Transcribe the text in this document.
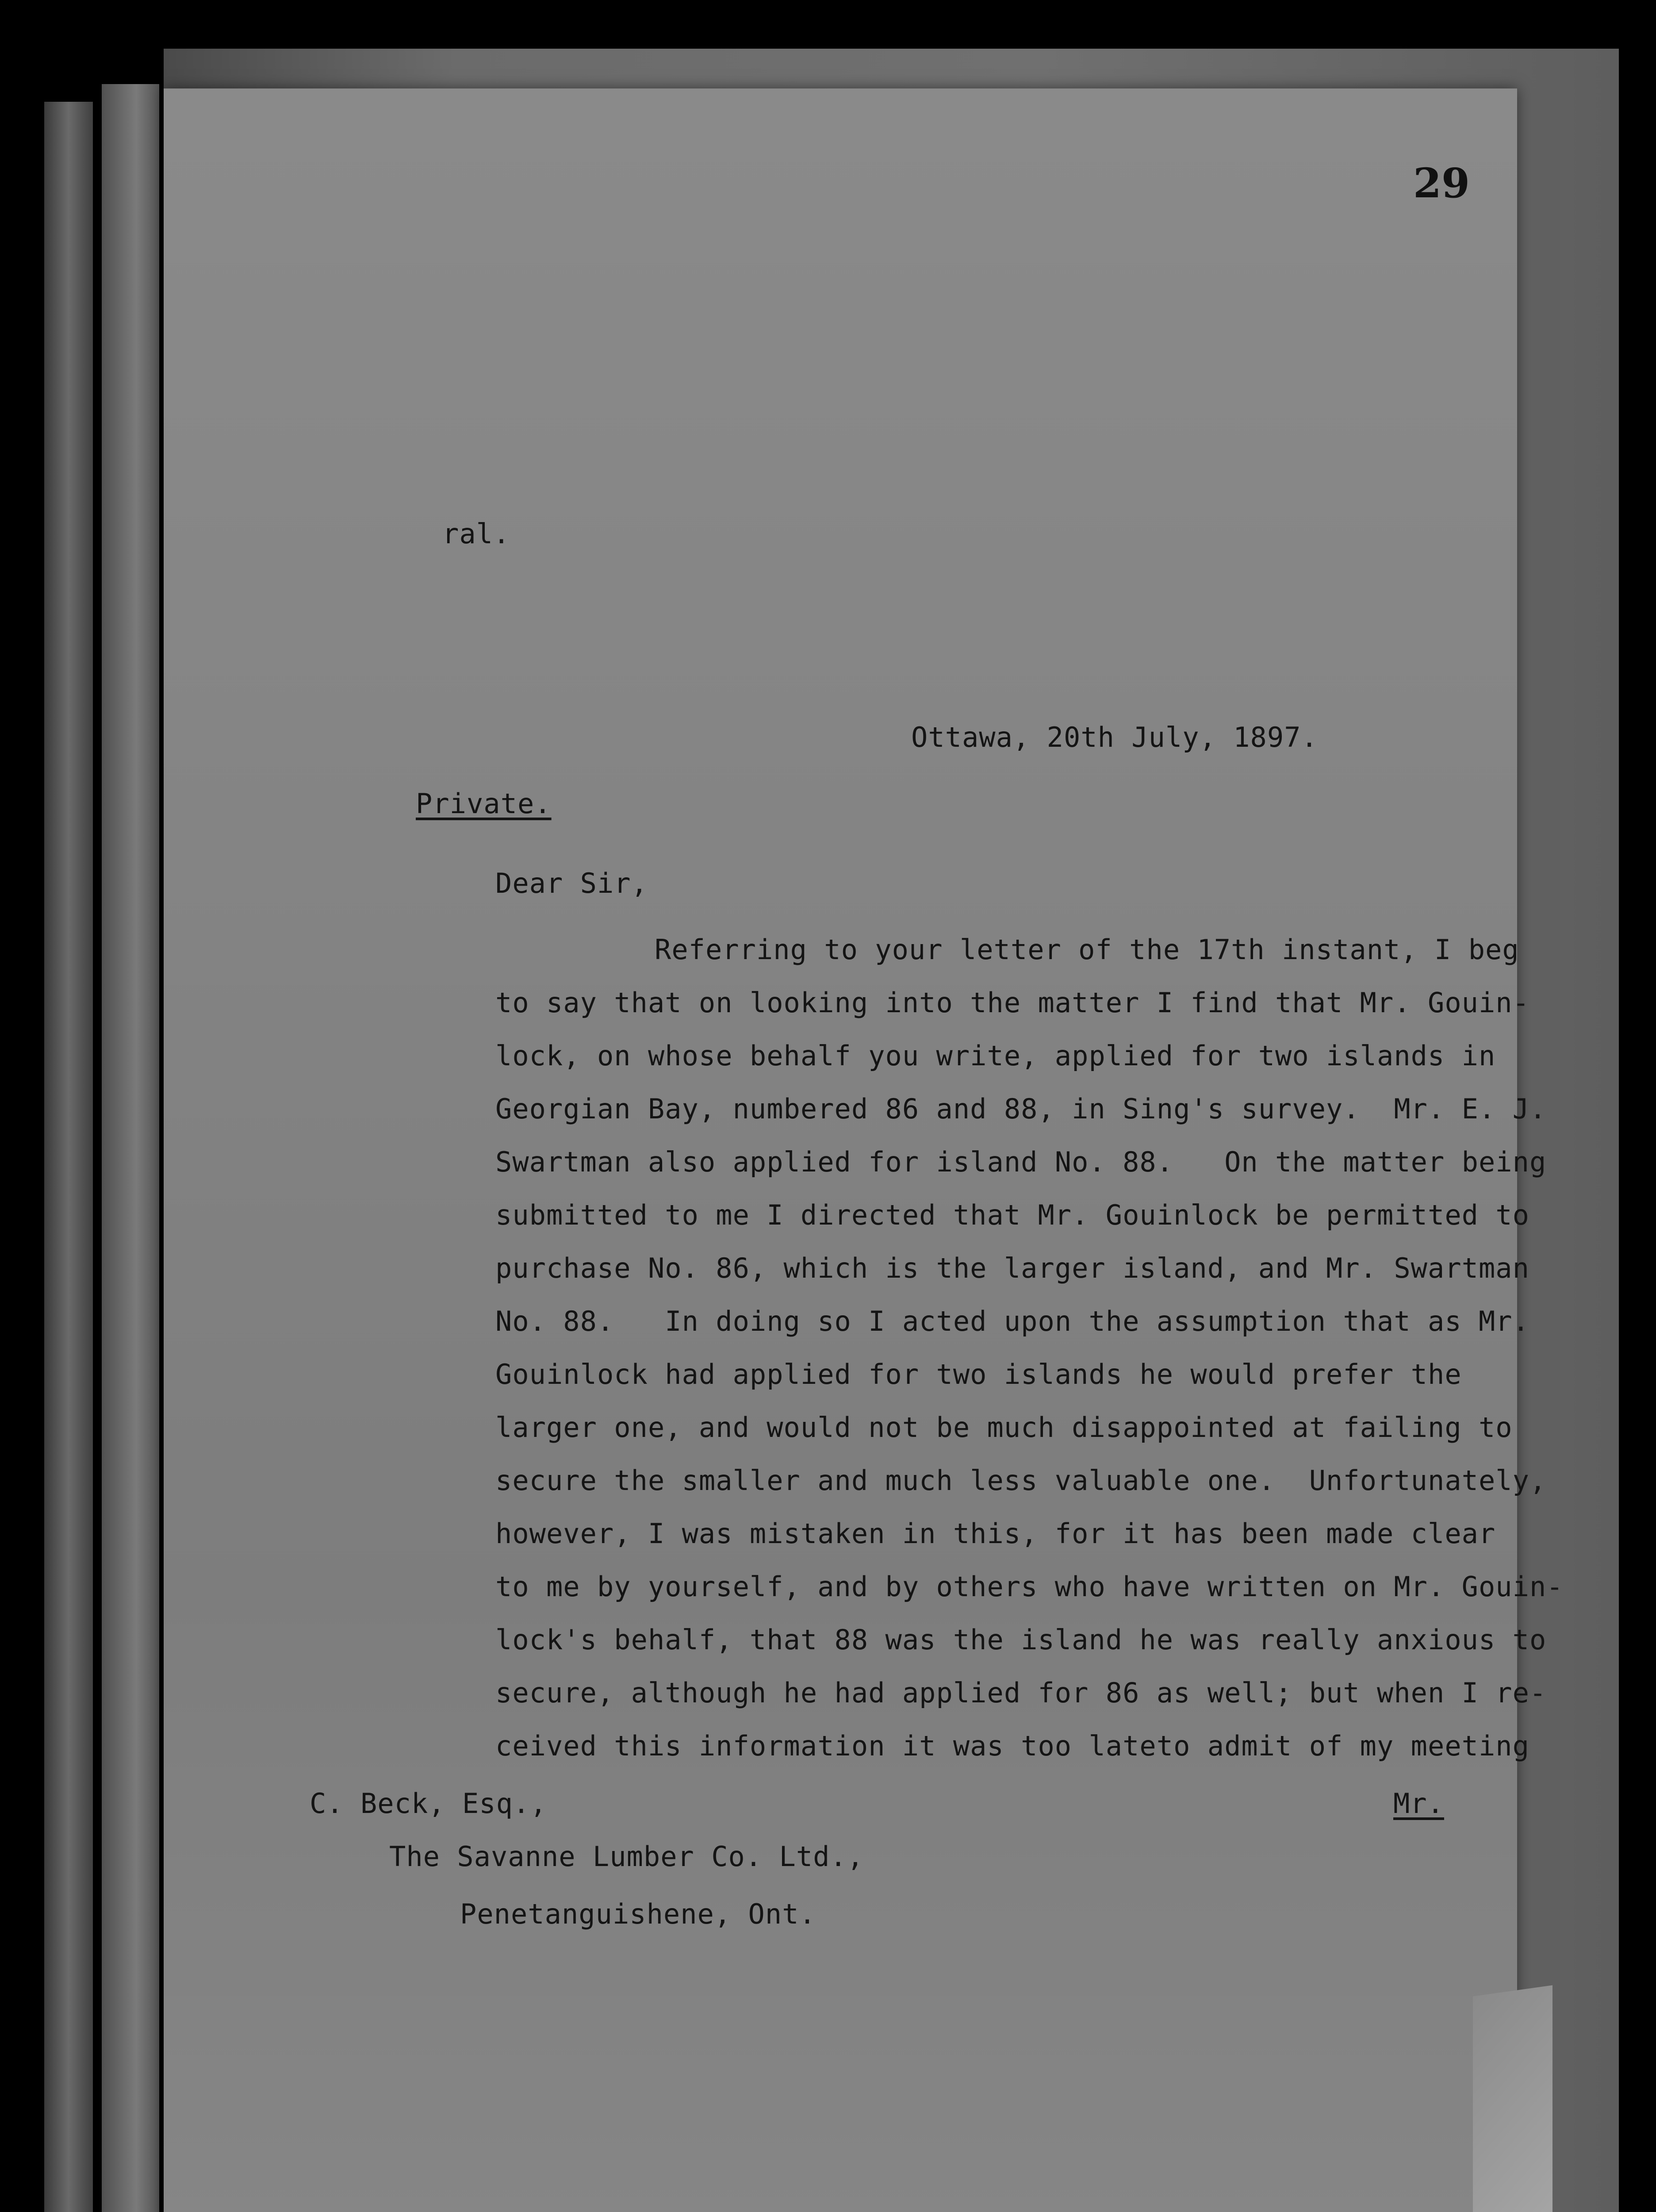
29
ral.
Ottawa, 20th July, 1897.
Private.
Dear Sir,
Referring to your letter of the 17th instant, I beg
to say that on looking into the matter I find that Mr. Gouin-
lock, on whose behalf you write, applied for two islands in
Georgian Bay, numbered 86 and 88, in Sing's survey.  Mr. E. J.
Swartman also applied for island No. 88.   On the matter being
submitted to me I directed that Mr. Gouinlock be permitted to
purchase No. 86, which is the larger island, and Mr. Swartman
No. 88.   In doing so I acted upon the assumption that as Mr.
Gouinlock had applied for two islands he would prefer the
larger one, and would not be much disappointed at failing to
secure the smaller and much less valuable one.  Unfortunately,
however, I was mistaken in this, for it has been made clear
to me by yourself, and by others who have written on Mr. Gouin-
lock's behalf, that 88 was the island he was really anxious to
secure, although he had applied for 86 as well; but when I re-
ceived this information it was too lateto admit of my meeting
Mr.
C. Beck, Esq.,
The Savanne Lumber Co. Ltd.,
Penetanguishene, Ont.
